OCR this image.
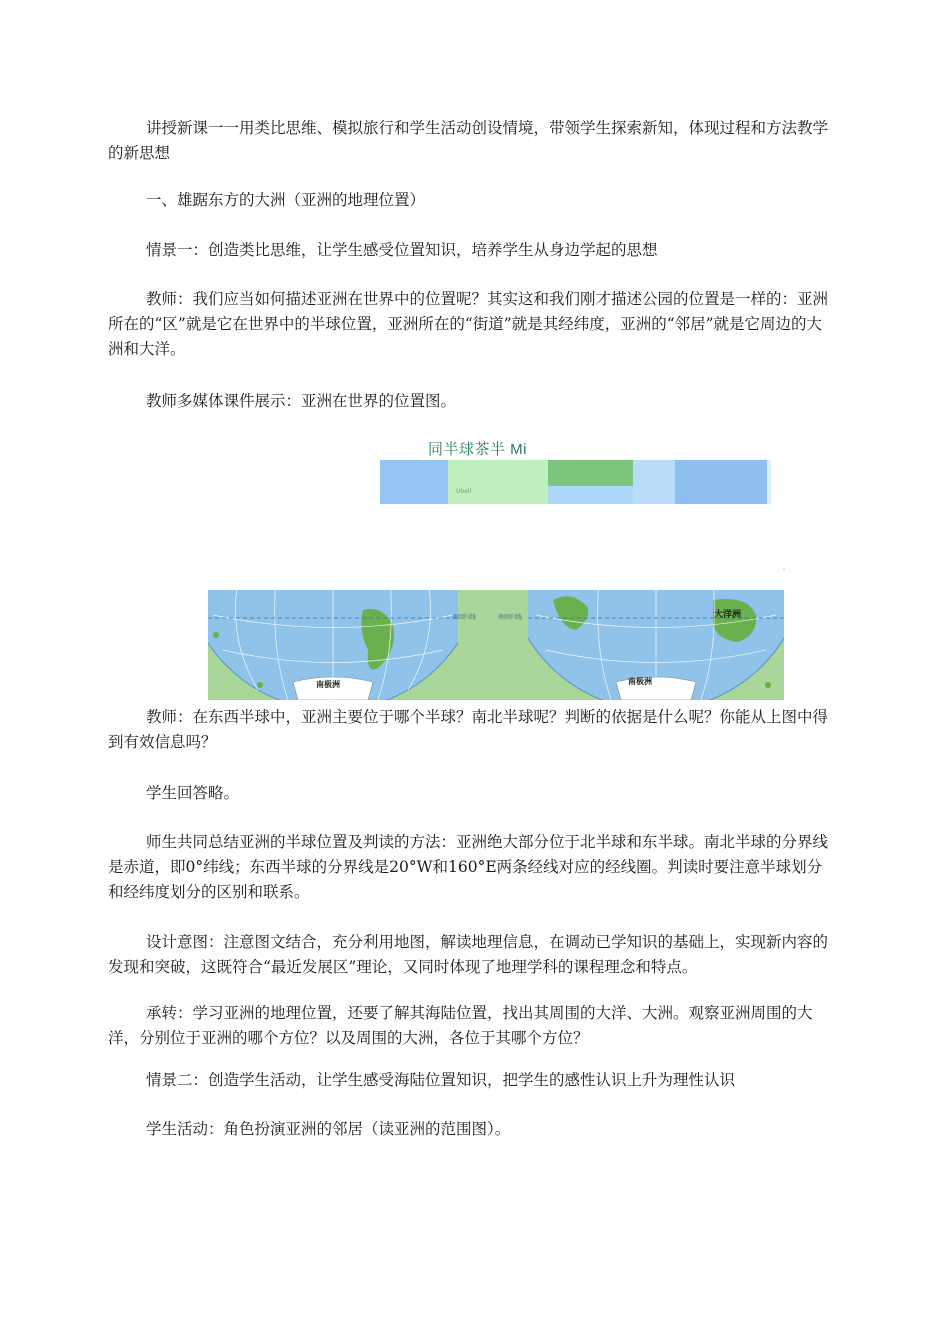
讲授新课一一用类比思维、模拟旅行和学生活动创设情境，带领学生探索新知，体现过程和方法教学的新思想

一、雄踞东方的大洲（亚洲的地理位置）

情景一：创造类比思维，让学生感受位置知识，培养学生从身边学起的思想

教师：我们应当如何描述亚洲在世界中的位置呢？其实这和我们刚才描述公园的位置是一样的：亚洲所在的“区”就是它在世界中的半球位置，亚洲所在的“街道”就是其经纬度，亚洲的“邻居”就是它周边的大洲和大洋。

教师多媒体课件展示：亚洲在世界的位置图。

同半球茶半 Mi
Ubell
◦
南回归线	南回归线	大洋洲
南极洲	南极洲

教师：在东西半球中，亚洲主要位于哪个半球？南北半球呢？判断的依据是什么呢？你能从上图中得到有效信息吗？

学生回答略。

师生共同总结亚洲的半球位置及判读的方法：亚洲绝大部分位于北半球和东半球。南北半球的分界线是赤道，即0°纬线；东西半球的分界线是20°W和160°E两条经线对应的经线圈。判读时要注意半球划分和经纬度划分的区别和联系。

设计意图：注意图文结合，充分利用地图，解读地理信息，在调动已学知识的基础上，实现新内容的发现和突破，这既符合“最近发展区”理论，又同时体现了地理学科的课程理念和特点。

承转：学习亚洲的地理位置，还要了解其海陆位置，找出其周围的大洋、大洲。观察亚洲周围的大洋，分别位于亚洲的哪个方位？以及周围的大洲，各位于其哪个方位？

情景二：创造学生活动，让学生感受海陆位置知识，把学生的感性认识上升为理性认识

学生活动：角色扮演亚洲的邻居（读亚洲的范围图）。
